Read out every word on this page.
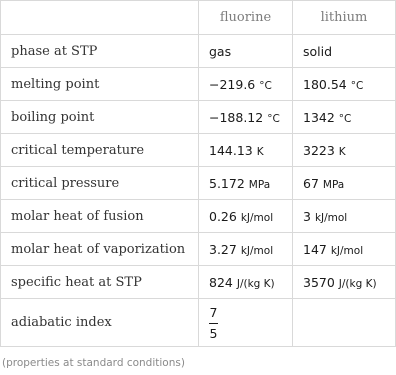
	fluorine	lithium
phase at STP	gas	solid
melting point	−219.6 °C	180.54 °C
boiling point	−188.12 °C	1342 °C
critical temperature	144.13 K	3223 K
critical pressure	5.172 MPa	67 MPa
molar heat of fusion	0.26 kJ/mol	3 kJ/mol
molar heat of vaporization	3.27 kJ/mol	147 kJ/mol
specific heat at STP	824 J/(kg K)	3570 J/(kg K)
adiabatic index	$\frac{7}{5}$

(properties at standard conditions)
